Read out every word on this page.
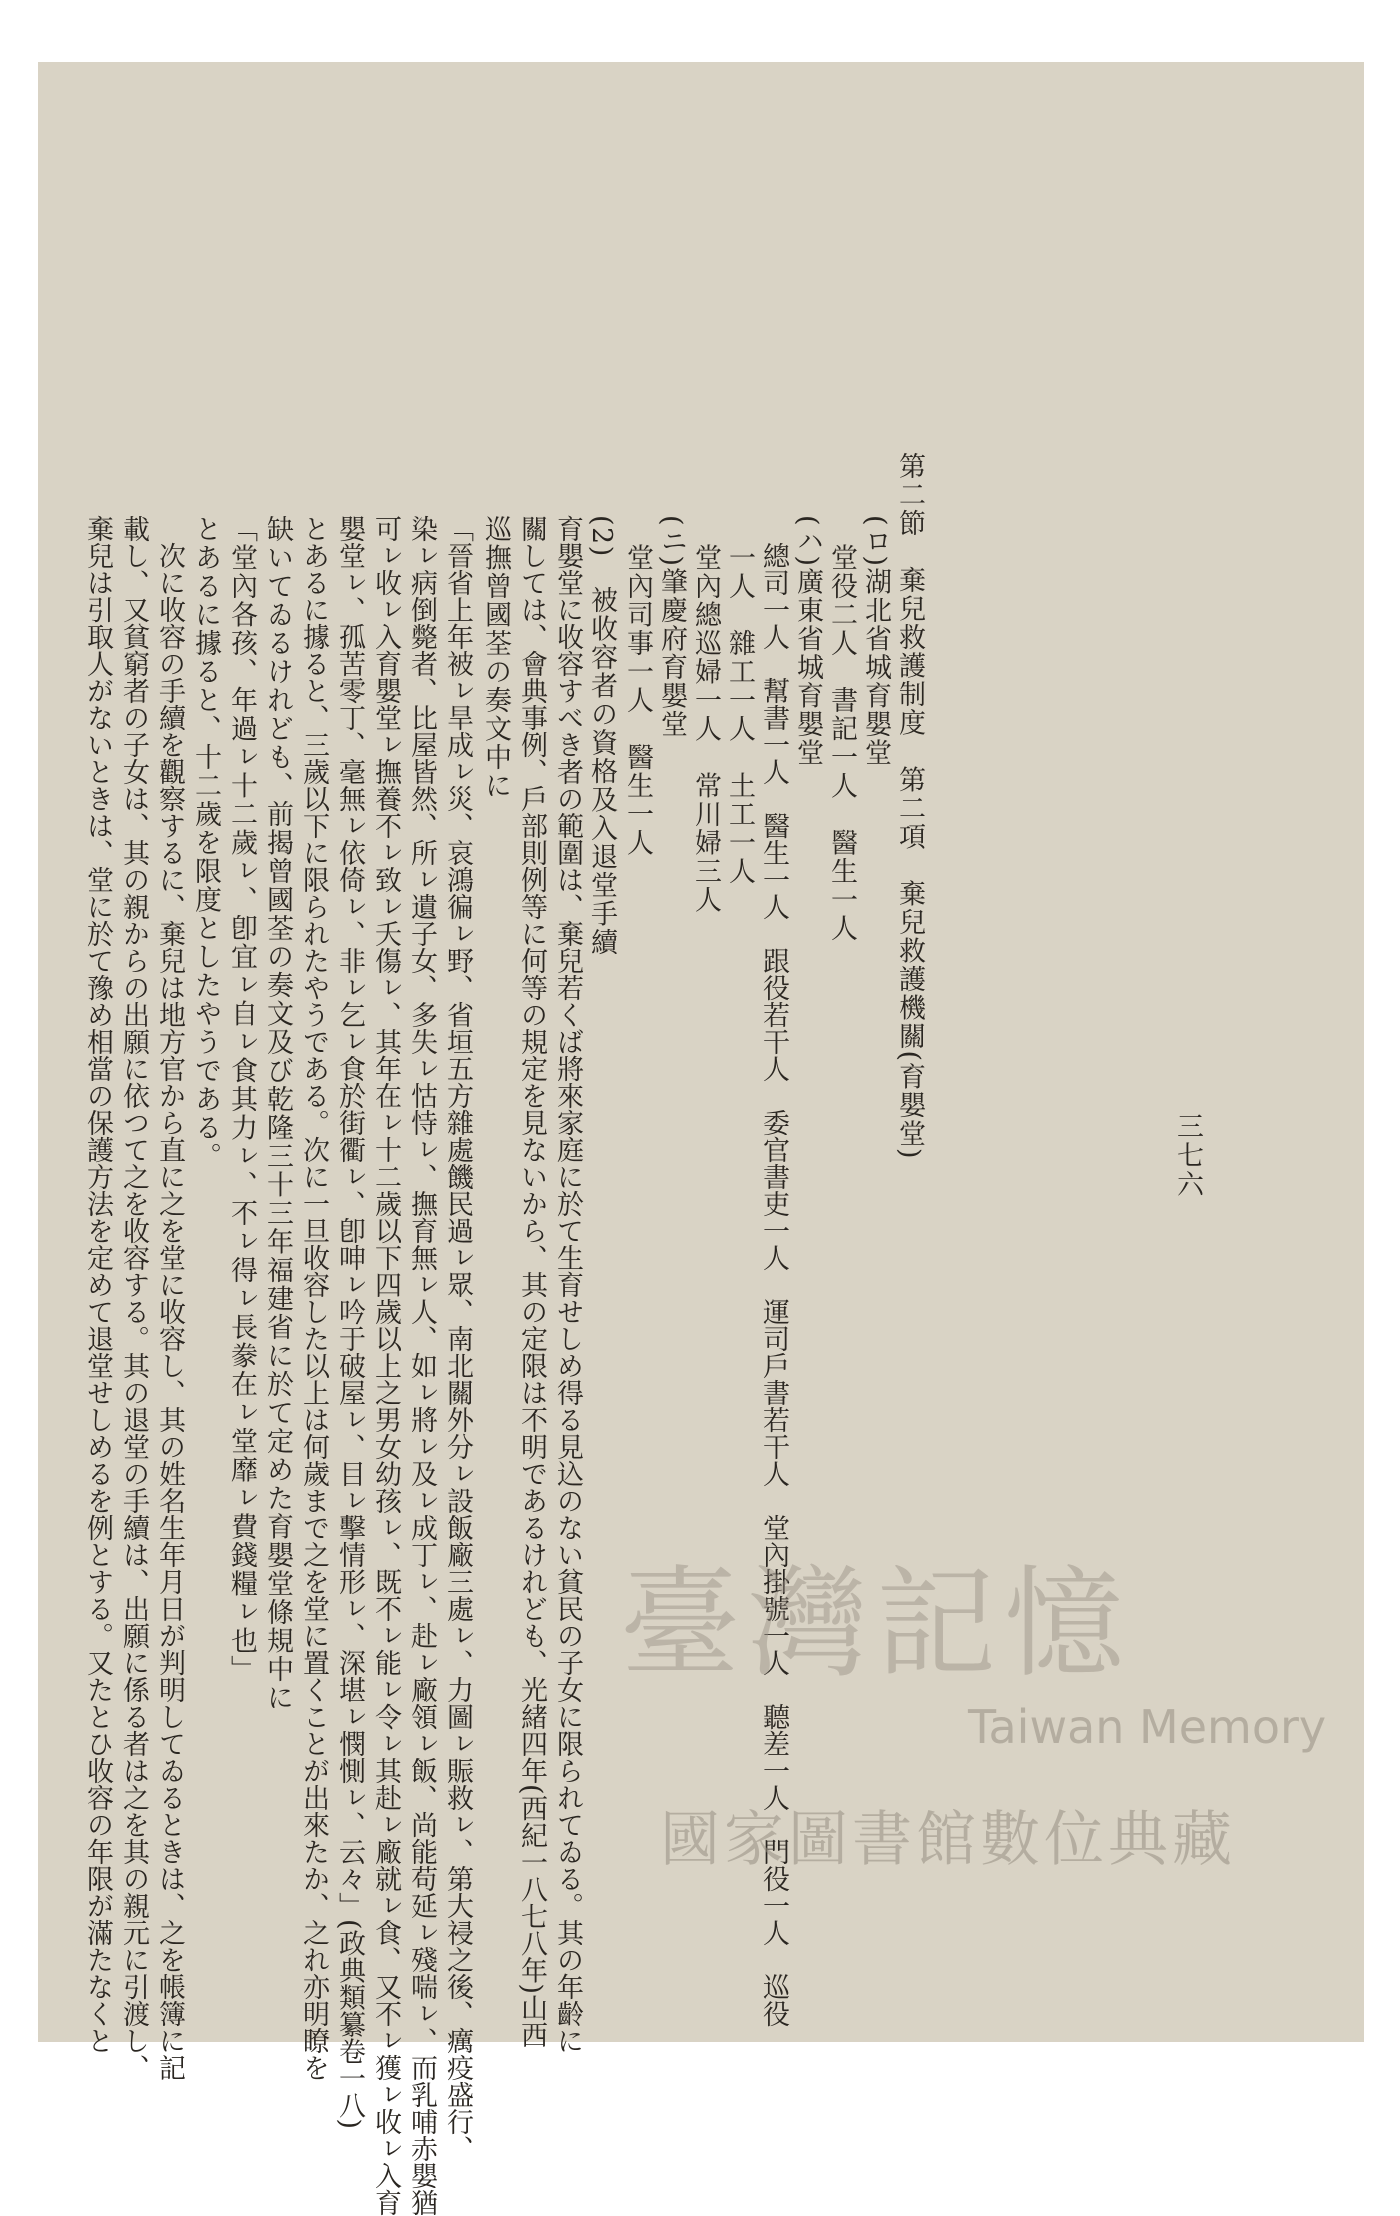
第二節　棄兒救護制度　第二項　棄兒救護機關(育嬰堂)	三七六
(ロ)湖北省城育嬰堂
　堂役二人　書記一人　醫生一人
(ハ)廣東省城育嬰堂
　總司一人　幫書一人　醫生一人　跟役若干人　委官書吏一人　運司戶書若干人　堂內掛號一人　聽差一人　門役一人　巡役
　一人　雜工一人　土工一人
　堂內總巡婦一人　常川婦三人
(ニ)肇慶府育嬰堂
　堂內司事一人　醫生一人
(2)　被收容者の資格及入退堂手續
育嬰堂に收容すべき者の範圍は、棄兒若くば將來家庭に於て生育せしめ得る見込のない貧民の子女に限られてゐる。其の年齡に
關しては、會典事例、戶部則例等に何等の規定を見ないから、其の定限は不明であるけれども、光緒四年(西紀一八七八年)山西
巡撫曾國荃の奏文中に
「晉省上年被ㇾ旱成ㇾ災、哀鴻徧ㇾ野、省垣五方雜處饑民過ㇾ眾、南北關外分ㇾ設飯廠三處ㇾ、力圖ㇾ賑救ㇾ、第大祲之後、癘疫盛行、
染ㇾ病倒斃者、比屋皆然、所ㇾ遺子女、多失ㇾ怙恃ㇾ、撫育無ㇾ人、如ㇾ將ㇾ及ㇾ成丁ㇾ、赴ㇾ廠領ㇾ飯、尚能苟延ㇾ殘喘ㇾ、而乳哺赤嬰猶
可ㇾ收ㇾ入育嬰堂ㇾ撫養不ㇾ致ㇾ夭傷ㇾ、其年在ㇾ十二歲以下四歲以上之男女幼孩ㇾ、既不ㇾ能ㇾ令ㇾ其赴ㇾ廠就ㇾ食、又不ㇾ獲ㇾ收ㇾ入育
嬰堂ㇾ、孤苦零丁、毫無ㇾ依倚ㇾ、非ㇾ乞ㇾ食於街衢ㇾ、卽呻ㇾ吟于破屋ㇾ、目ㇾ擊情形ㇾ、深堪ㇾ憫惻ㇾ、云々」(政典類纂卷一八)
とあるに據ると、三歲以下に限られたやうである。次に一旦收容した以上は何歲まで之を堂に置くことが出來たか、之れ亦明瞭を
缺いてゐるけれども、前揭曾國荃の奏文及び乾隆三十三年福建省に於て定めた育嬰堂條規中に
「堂內各孩、年過ㇾ十二歲ㇾ、卽宜ㇾ自ㇾ食其力ㇾ、不ㇾ得ㇾ長豢在ㇾ堂靡ㇾ費錢糧ㇾ也」
とあるに據ると、十二歲を限度としたやうである。
　次に收容の手續を觀察するに、棄兒は地方官から直に之を堂に收容し、其の姓名生年月日が判明してゐるときは、之を帳簿に記
載し、又貧窮者の子女は、其の親からの出願に依つて之を收容する。其の退堂の手續は、出願に係る者は之を其の親元に引渡し、
棄兒は引取人がないときは、堂に於て豫め相當の保護方法を定めて退堂せしめるを例とする。又たとひ收容の年限が滿たなくと	臺灣記憶
Taiwan Memory
國家圖書館數位典藏
